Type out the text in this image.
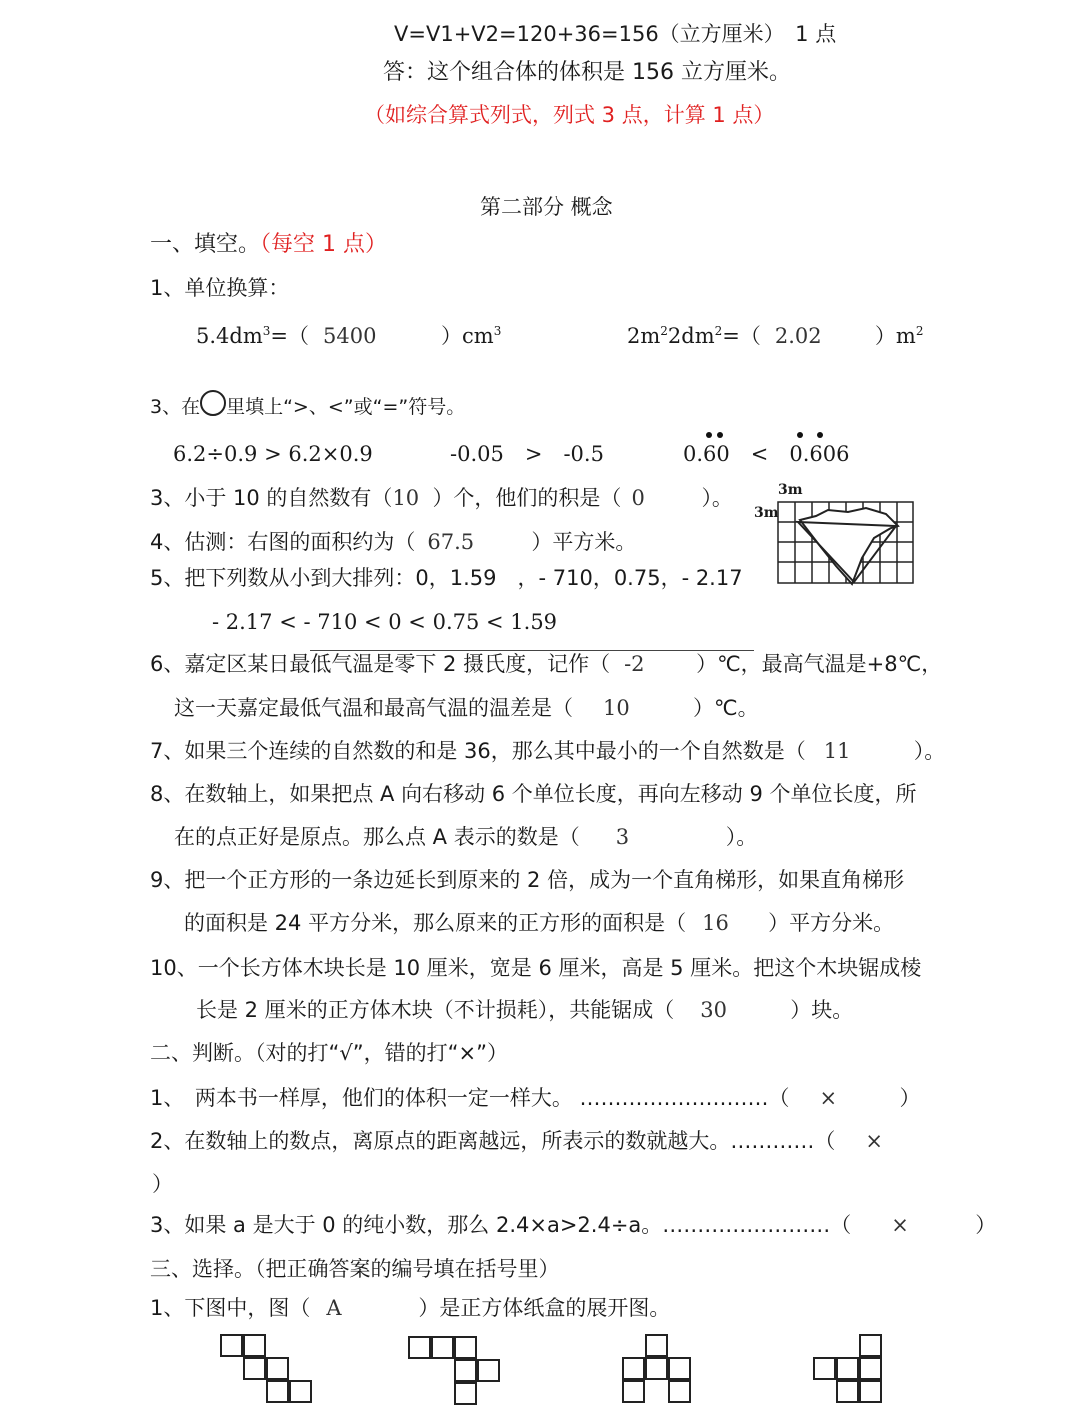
V=V1+V2=120+36=156（立方厘米）　1 点
答：这个组合体的体积是 156 立方厘米。
（如综合算式列式，列式 3 点，计算 1 点）
第二部分 概念
一、填空。（每空 1 点）
1、单位换算：
$5.4dm^3=$（ 5400	）$cm^3$	$2m^22dm^2=$（ 2.02	）$m^2$
3、在 里填上“>、<”或“=”符号。
6.2÷0.9 > 6.2×0.9	-0.05　>　-0.5	0.60　<　0.606
3、小于 10 的自然数有（10 ）个，他们的积是（ 0	）。
4、估测：右图的面积约为（ 67.5	）平方米。
5、把下列数从小到大排列：0，1.59　，- 710，0.75，- 2.17
- 2.17 < - 710 < 0 < 0.75 < 1.59
3m
3m
6、嘉定区某日最低气温是零下 2 摄氏度，记作（ -2 ）℃，最高气温是+8℃，
这一天嘉定最低气温和最高气温的温差是（ 10	）℃。
7、如果三个连续的自然数的和是 36，那么其中最小的一个自然数是（ 11	）。
8、在数轴上，如果把点 A 向右移动 6 个单位长度，再向左移动 9 个单位长度，所
在的点正好是原点。那么点 A 表示的数是（ 3	）。
9、把一个正方形的一条边延长到原来的 2 倍，成为一个直角梯形，如果直角梯形
的面积是 24 平方分米，那么原来的正方形的面积是（ 16 ）平方分米。
10、一个长方体木块长是 10 厘米，宽是 6 厘米，高是 5 厘米。把这个木块锯成棱
长是 2 厘米的正方体木块（不计损耗），共能锯成（ 30	）块。
二、判断。（对的打“√”，错的打“×”）
1、　两本书一样厚，他们的体积一定一样大。 ………………………（ ×	）
2、在数轴上的数点，离原点的距离越远，所表示的数就越大。…………（ ×
）
3、如果 a 是大于 0 的纯小数，那么 2.4×a>2.4÷a。……………………（ ×	）
三、选择。（把正确答案的编号填在括号里）
1、下图中，图（ A	）是正方体纸盒的展开图。
